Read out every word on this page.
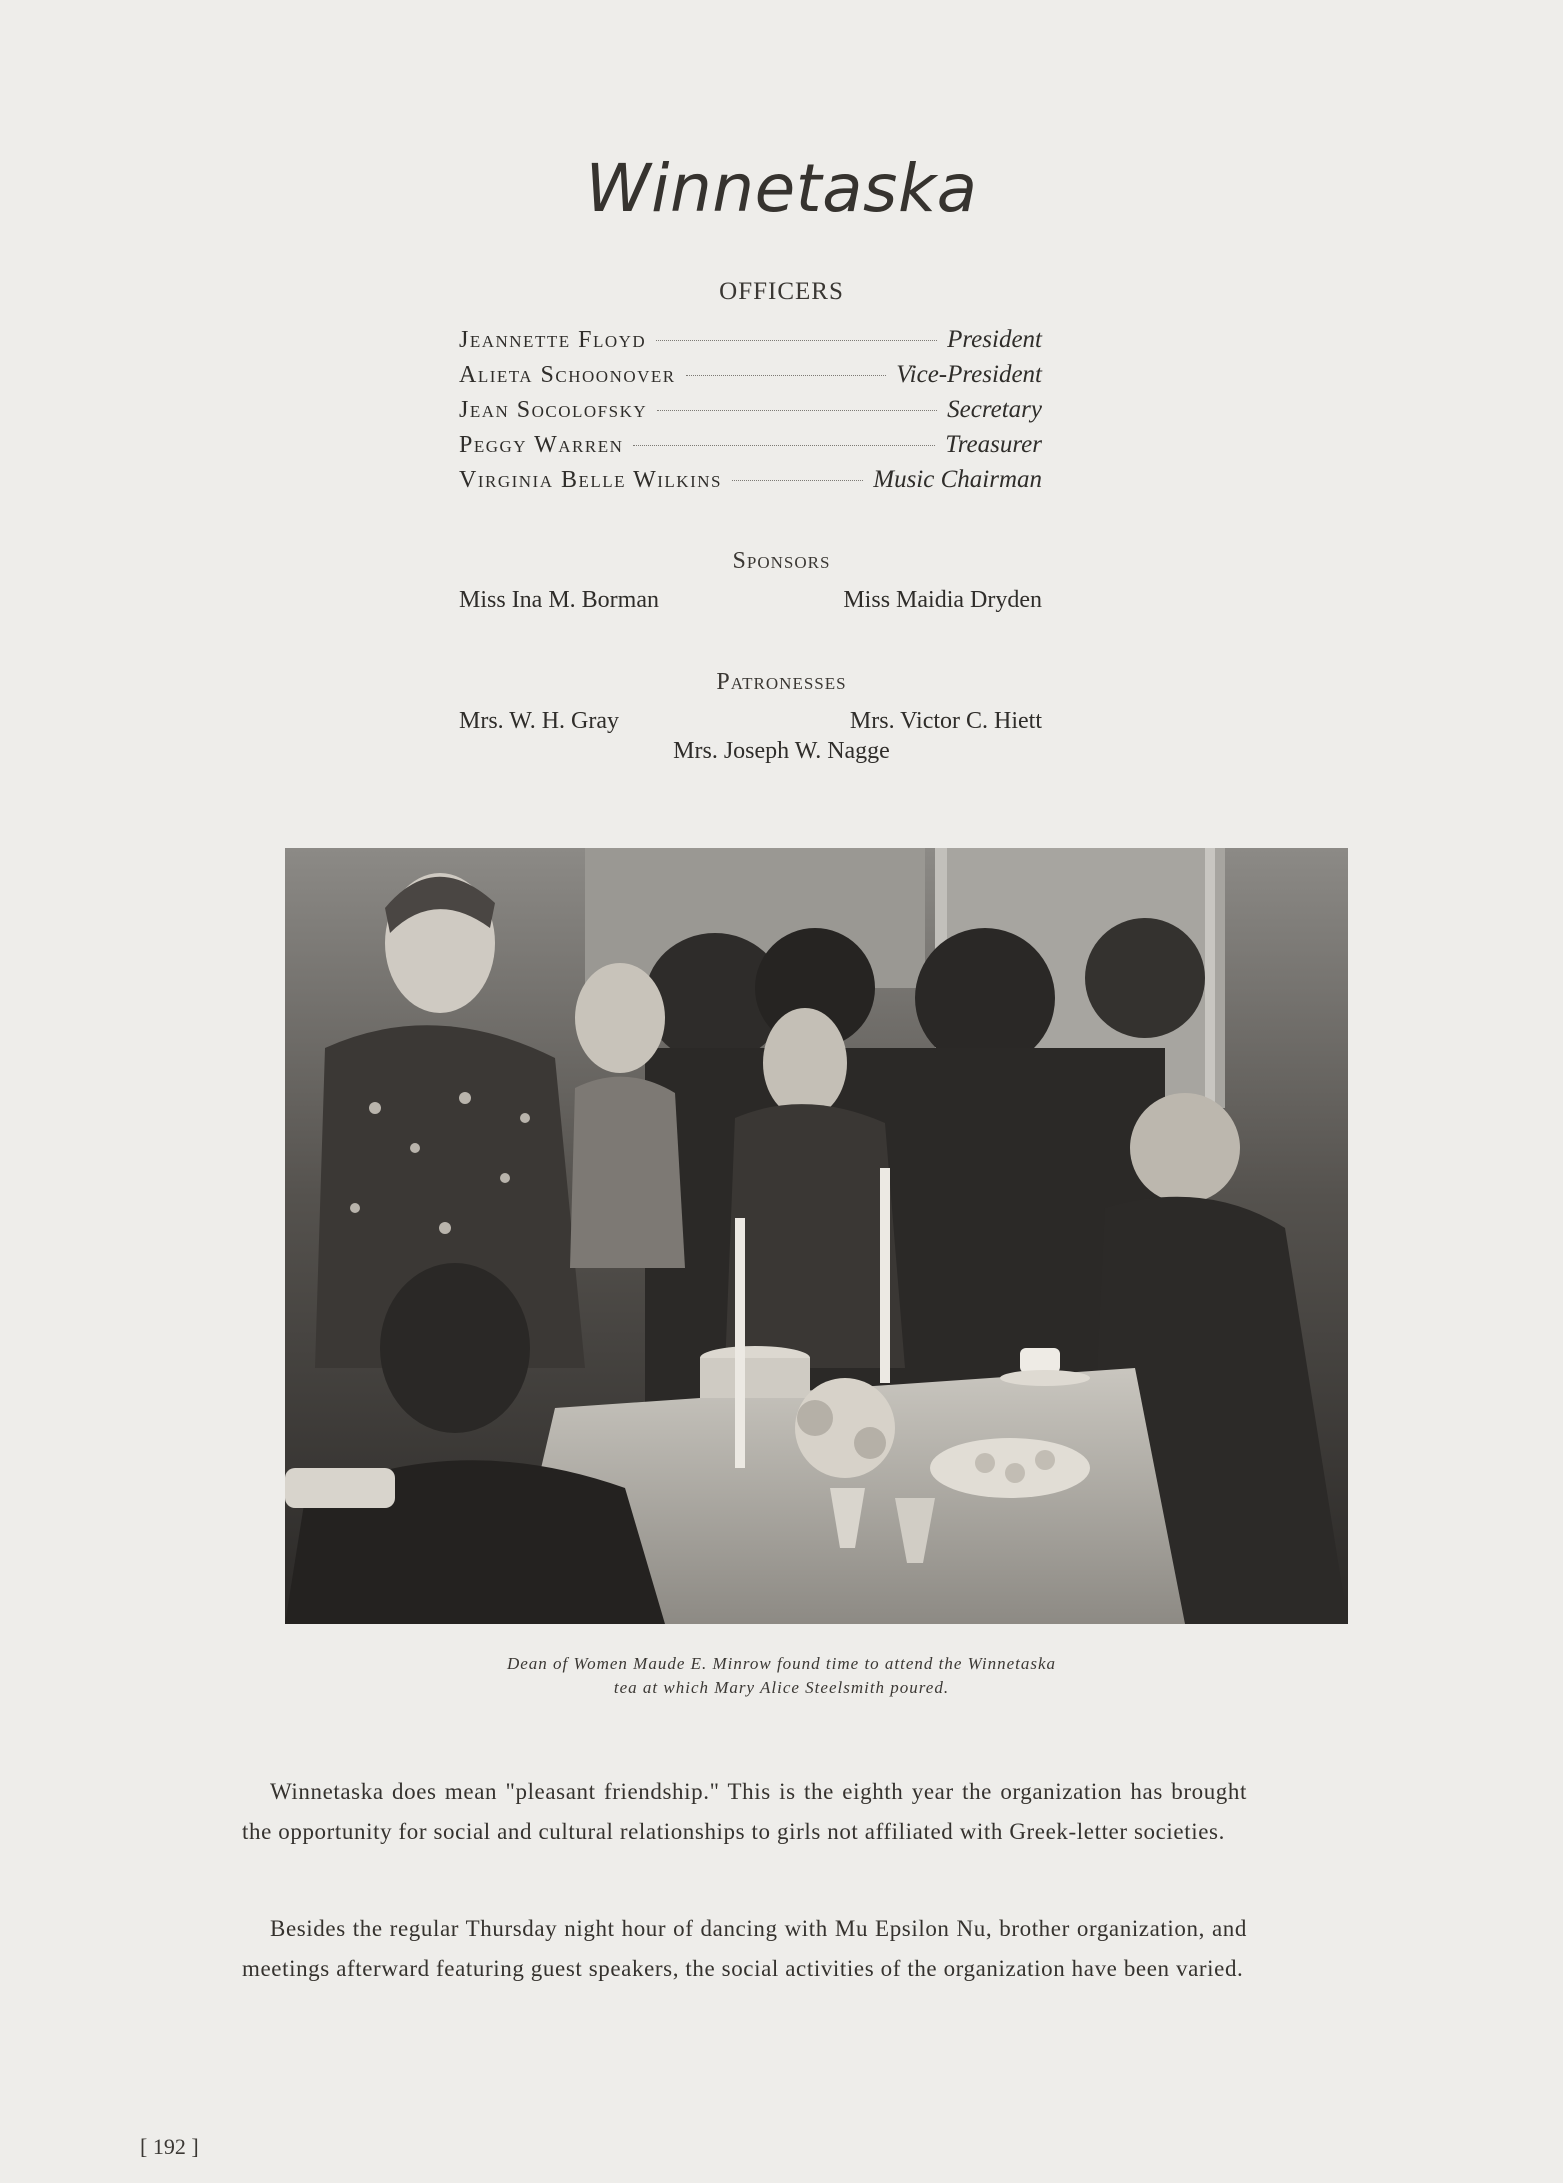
Winnetaska
OFFICERS
Jeannette Floyd	President
Alieta Schoonover	Vice-President
Jean Socolofsky	Secretary
Peggy Warren	Treasurer
Virginia Belle Wilkins	Music Chairman
Sponsors
Miss Ina M. Borman	Miss Maidia Dryden
Patronesses
Mrs. W. H. Gray	Mrs. Victor C. Hiett
Mrs. Joseph W. Nagge
Dean of Women Maude E. Minrow found time to attend the Winnetaska
tea at which Mary Alice Steelsmith poured.

Winnetaska does mean "pleasant friendship." This is the eighth year the organization has brought the opportunity for social and cultural relationships to girls not affiliated with Greek-letter societies.

Besides the regular Thursday night hour of dancing with Mu Epsilon Nu, brother organization, and meetings afterward featuring guest speakers, the social activities of the organization have been varied.

[ 192 ]
